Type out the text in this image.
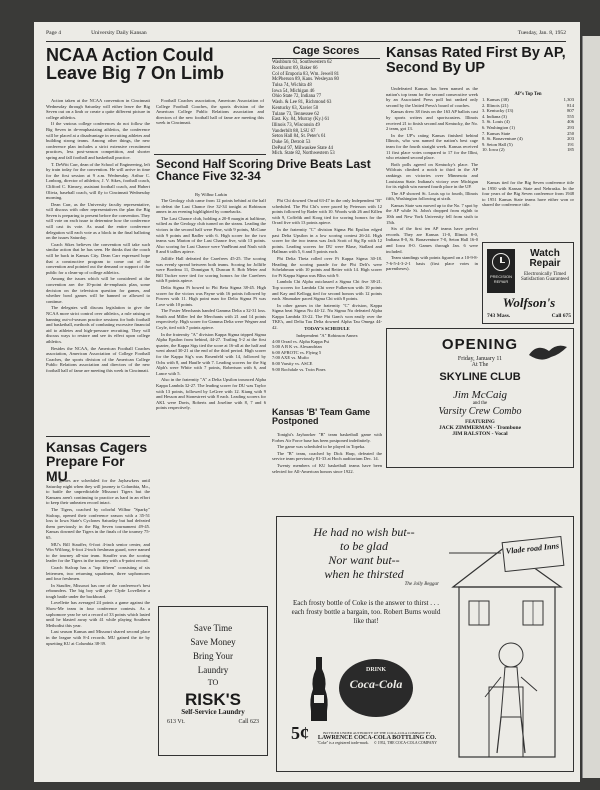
Page 4	University Daily Kansan	Tuesday, Jan. 8, 1952
NCAA Action Could Leave Big 7 On Limb

Action taken at the NCAA convention in Cincinnati Wednesday through Saturday will either leave the Big Seven out on a limb or create a quite different picture in college athletics.

If the various college conferences do not follow the Big Seven in de-emphasizing athletics, the conference will be placed at a disadvantage in recruiting athletes and building strong teams. Among other things, the new conference plan includes a strict extensive recruitment practices, less post-season competition, and shorter spring and fall football and basketball practice.

T. DeWitt Carr, dean of the School of Engineering, left by train today for the convention. He will arrive in time for the first session at 9 a.m. Wednesday. Arthur C. Lonborg, director of athletics; J. V. Sikes, football coach, Clifford C. Kimsey, assistant football coach, and Hubert Olivia, baseball coach, will fly to Cincinnati Wednesday morning.

Dean Carr, as the University faculty representative, will discuss with other representatives the plan the Big Seven is preparing to present before the convention. They will vote on each issue to determine how the conference will cast its vote. As usual the entire conference delegation will each vote as a block in the final balloting on the issues Saturday.

Coach Sikes believes the convention will take such similar action that he has seen. He thinks that the coach will be back in Kansas City. Dean Carr expressed hope that a constructive program to come out of the convention and pointed out the demand or support of the public for a clean-up of college athletics.

Among the issues which will be considered at the convention are: the 10-point de-emphasis plan, some decision on the television question for games, and whether bowl games will be banned or allowed to continue.

The delegates will discuss legislation to give the NCAA more strict control over athletics, a rule raising or banning out-of-season practice sessions for both football and basketball, methods of combating excessive financial aid to athletes and high-pressure recruiting. They will discuss ways to restore and see its effect upon college athletics.

Besides the NCAA, the American Football Coaches association, American Association of College Football Coaches, the sports division of the American College Public Relations association and directors of the new football hall of fame are meeting this week in Cincinnati.

Football Coaches association, American Association of College Football Coaches, the sports division of the American College Public Relations association and directors of the new football hall of fame are meeting this week in Cincinnati.

Second Half Scoring Drive Beats Last Chance Five 32-34
By Wilbur Larkin

The Geology club came from 12 points behind at the half to defeat the Last Chance five 32-34 tonight at Robinson annex in an evening highlighted by comebacks.

The Last Chance club, holding a 20-8 margin at halftime, wilted as the Geology club turned on the steam. Leading the victors in the second half were Pine, with 9 points, McCune with 9 points and Radler with 6. High scorer for the two teams was Marion of the Last Chance five, with 13 points. Also scoring for Last Chance were VanBrunt and Nash with 8 and 6 tallies apiece.

Jolliffe Hall defeated the Carefrees 45-25. The scoring was evenly spread between both teams. Scoring for Jolliffe were Bordeau 11, Donnigan 9, Duncan 8. Bob Meier and Bill Tucker were tied for scoring honors for the Carefrees with 8 points apiece.

Delta Sigma Pi bowed to Phi Beta Sigma 38-45. High scorer for the victors was Payne with 16 points followed by Powers with 11. High point man for Delta Sigma Pi was Love with 10 points.

The Foster Merchants handed Gamma Delta a 32-31 loss. Smith and Miller led the Merchants with 21 and 14 points respectively. High scorer for Gamma Delta were Wegner and Coyle, tied with 7 points apiece.

In the fraternity "A" division Kappa Sigma tripped Sigma Alpha Epsilon from behind, 44-27. Trailing 5-2 at the first quarter, the Kappa Sigs tied the score at 16-all at the half and went ahead 30-21 at the end of the third period. High scorer for the Kappa Sig's was Rosenfeld with 14, followed by Ochs with 8, and Haufle with 7. Leading scorers for the Sig Alph's were White with 7 points, Robertson with 6, and Lance with 5.

Also in the fraternity "A" a Delta Upsilon trounced Alpha Kappa Lambda 32-27. The leading scorer for DU was Taylor with 13 points, followed by LeGree with 12. Kiang with 9 and Hesson and Stonestreet with 8 each. Leading scorers for AKL were Davis, Roberts and Joseline with 8, 7 and 6 points respectively.

Phi Chi downed Orrad 63-47 in the only Independent "B" scheduled. The Phi Chi's were paced by Peterson with 12 points followed by Rader with 10. Woods with 26 and Killen with 9, Coffeltk and Koog tied for scoring honors for the Orrad five with 13 points apiece.

In the fraternity "C" division Sigma Phi Epsilon edged past Delta Upsilon in a low scoring contest 26-24. High scorer for the two teams was Jack Scott of Sig Ep with 12 points. Leading scorers for DU were Blase, Stallard and Hallman with 5, 6 and 5 points each.

Phi Delta Theta rolled over Pi Kappa Sigma 30-18. Heading the scoring parade for the Phi Delt's were Schelabman with 10 points and Reiter with 14. High scorer for Pi Kappa Sigma was Bliss with 9.

Lambda Chi Alpha outclassed a Sigma Chi five 38-21. Top scorers for Lambda Chi were Fulkerson with 10 points and Kay and Kellogg tied for second honors with 12 points each. Shumaker paced Sigma Chi with 8 points.

In other games in the fraternity "C" division, Kappa Sigma beat Sigma Nu 44-12. Nu Sigma Nu defeated Alpha Kappa Lambda 33-22. The Phi Gam's won easily over the TKE's, and Delta Tau Delta downed Alpha Tau Omega 44-42.	TODAY'S SCHEDULE
Independent "A" Robinson Annex
4:00 Orrad vs. Alpha Kappa Psi
5:00 A B K vs. Alexandrian
6:00 AFROTC vs. Flying 5
7:00 AXE vs. Mufio
8:00 Varsity vs. ASCE
9:00 Rochdale vs. Twin Pines
Cage Scores
Washburn 63, Southwestern 62
Rockhurst 69, Baker 66
Col of Emporia 83, Wm. Jewell 81
McPherson 89, Kans. Wesleyan 80
Tulsa 74, Wichita 48
Iowa 54, Michigan 46
Ohio State 72, Indiana 77
Wash. & Lee 81, Richmond 63
Kentucky 63, Xavier 50
Tulane 73, Tennessee 62
East. Ky. 84, Murray (Ky.) 61
Illinois 73, Wisconsin 49
Vanderbilt 88, LSU 67
Seton Hall 84, St. Peter's 61
Duke 56, Detroit 53
DePaul 97, Milwaukee State 44
Mich. State 82, Northwestern 53
Kansas Cagers Prepare For MU

No games are scheduled for the Jayhawkers until Saturday night when they will journey to Columbia, Mo., to battle the unpredictable Missouri Tigers but the Kansans aren't continuing to practice as hard in an effort to keep their unbeaten record intact.

The Tigers, coached by colorful Wilbur "Sparky" Stalcup, opened their conference season with a 35-51 loss to Iowa State's Cyclones Saturday but had defeated them previously in the Big Seven tournament 49-45. Kansas downed the Tigers in the finals of the tourney 75-65.

MU's Bill Stauffer, 6-foot 4-inch senior center, and Win Wilfong, 6-foot 2-inch freshman guard, were named to the tourney all-star team. Stauffer was the scoring leader for the Tigers in the tourney with a 6-point record.

Coach Stalcup has a "top fifteen" consisting of six lettermen, two returning squadmen, three sophomores and four freshmen.

In Stauffer, Missouri has one of the conference's best rebounders. The big boy will give Clyde Lovellette a tough battle under the backboard.

Lovellette has averaged 24 points a game against the Show-Me team in four conference contests. As a sophomore year he set a record of 33 points which lasted until he blasted away with 41 while playing Southern Methodist this year.

Last season Kansas and Missouri shared second place in the league with 8-4 records. MU gained the tie by upsetting KU at Columbia 38-39.

Save Time
Save Money
Bring Your
Laundry
TO
RISK'S
Self-Service Laundry
613 Vt.	Call 623
Kansas Rated First By AP, Second By UP

Undefeated Kansas has been named as the nation's top team for the second consecutive week by an Associated Press poll but ranked only second by the United Press's board of coaches.

Kansas drew 38 firsts on the 163 AP ballots cast by sports writers and sportscasters. Illinois received 21 to finish second and Kentucky, the No. 2 team, got 13.

In the UP's rating Kansas finished behind Illinois, who was named the nation's best cage team for the fourth straight week. Kansas received 11 first place votes compared to 17 for the Illini, who retained second place.

Both polls agreed on Kentucky's place. The Wildcats climbed a notch to third in the AP rankings on victories over Minnesota and Louisiana State. Indiana's victory over Michigan for its eighth win earned fourth place in the UP.

The AP showed St. Louis up to fourth, Illinois fifth, Washington following at sixth.

Kansas State was moved up to the No. 7 spot by the AP while St. John's dropped from eighth to 10th and New York University fell from sixth to 15th.

Six of the first ten AP teams have perfect records. They are Kansas 11-0, Illinois 8-0, Indiana 8-0, St. Bonaventure 7-0, Seton Hall 16-0 and Iowa 8-0. Games through Jan. 6 were included.

Team standings with points figured on a 10-9-8-7-6-5-4-3-2-1 basis (first place votes in parentheses).

AP's Top Ten
1. Kansas (38)	1,303
2. Illinois (21)	814
3. Kentucky (13)	807
4. Indiana (3)	555
5. St. Louis (4)	406
6. Washington (1)	293
7. Kansas State	250
8. St. Bonaventure (4)	203
9. Seton Hall (5)	191
10. Iowa (2)	185

Kansas tied for the Big Seven conference title in 1950 with Kansas State and Nebraska. In the four years of the Big Seven conference from 1948 to 1951 Kansas State teams have either won or shared the conference title.

PRECISION REPAIR
Watch Repair
Electronically Timed
Satisfaction Guaranteed
Wolfson's
743 Mass.	Call 675
OPENING
Friday, January 11
At The
SKYLINE CLUB
Jim McCaig
and the
Varsity Crew Combo
FEATURING
JACK ZIMMERMAN - Trombone
JIM RALSTON - Vocal
Kansas 'B' Team Game Postponed

Tonight's Jayhawker "B" team basketball game with Forbes Air Force base has been postponed indefinitely.

The game was scheduled to be played in Topeka.

The "B" team, coached by Dick Harp, defeated the service team previously 81-33 at Hoch auditorium Dec. 14.

Twenty members of KU basketball teams have been selected for All-American honors since 1922.

He had no wish but--
to be glad
Nor want but--
when he thirsted
The Jolly Beggar
Each frosty bottle of Coke is the answer to thirst . . . each frosty bottle a bargain, too. Robert Burns would like that!
DRINK
Coca-Cola
5¢	BOTTLED UNDER AUTHORITY OF THE COCA-COLA COMPANY BY
LAWRENCE COCA-COLA BOTTLING CO.
"Coke" is a registered trade-mark. © 1952, THE COCA-COLA COMPANY
Vlade road Inns
